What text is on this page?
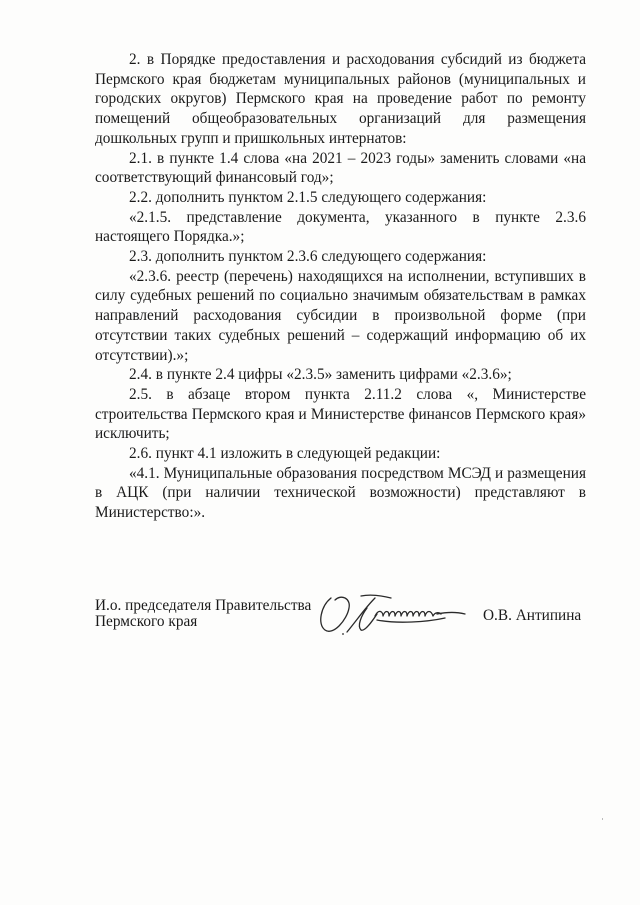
2. в Порядке предоставления и расходования субсидий из бюджета Пермского края бюджетам муниципальных районов (муниципальных и городских округов) Пермского края на проведение работ по ремонту помещений общеобразовательных организаций для размещения дошкольных групп и пришкольных интернатов:

2.1. в пункте 1.4 слова «на 2021 – 2023 годы» заменить словами «на соответствующий финансовый год»;

2.2. дополнить пунктом 2.1.5 следующего содержания:

«2.1.5. представление документа, указанного в пункте 2.3.6 настоящего Порядка.»;

2.3. дополнить пунктом 2.3.6 следующего содержания:

«2.3.6. реестр (перечень) находящихся на исполнении, вступивших в силу судебных решений по социально значимым обязательствам в рамках направлений расходования субсидии в произвольной форме (при отсутствии таких судебных решений – содержащий информацию об их отсутствии).»;

2.4. в пункте 2.4 цифры «2.3.5» заменить цифрами «2.3.6»;

2.5. в абзаце втором пункта 2.11.2 слова «, Министерстве строительства Пермского края и Министерстве финансов Пермского края» исключить;

2.6. пункт 4.1 изложить в следующей редакции:

«4.1. Муниципальные образования посредством МСЭД и размещения в АЦК (при наличии технической возможности) представляют в Министерство:».

И.о. председателя Правительства
Пермского края	О.В. Антипина
